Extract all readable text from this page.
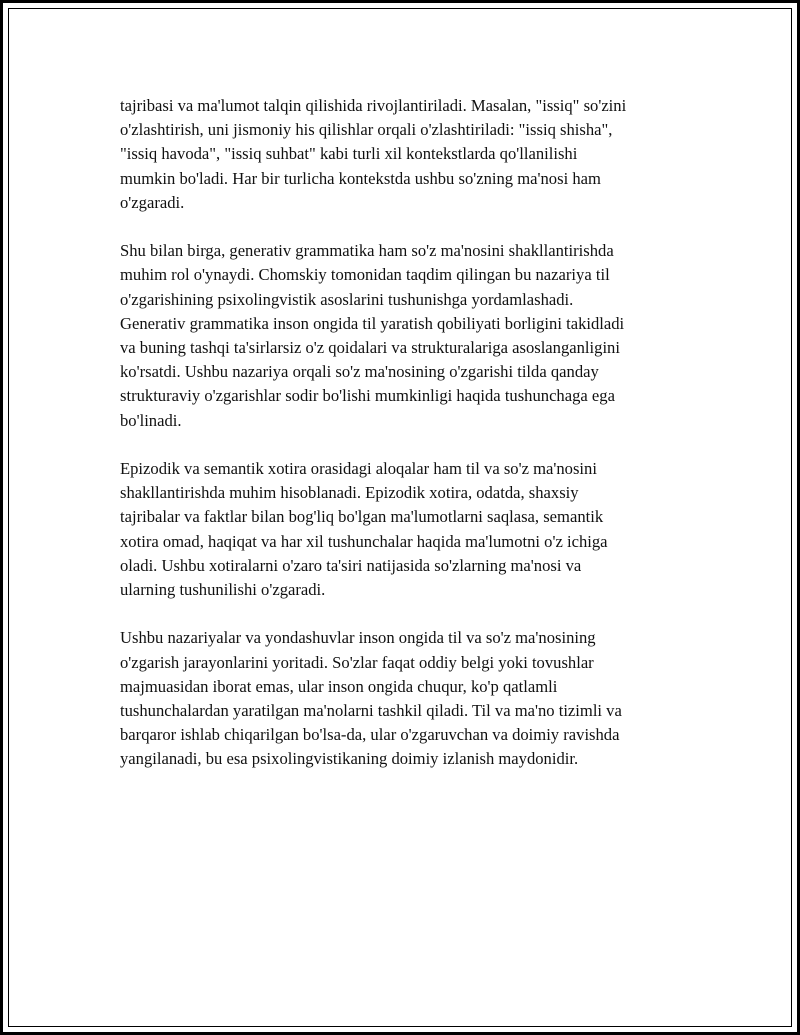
tajribasi va ma'lumot talqin qilishida rivojlantiriladi. Masalan, "issiq" so'zini
o'zlashtirish, uni jismoniy his qilishlar orqali o'zlashtiriladi: "issiq shisha",
"issiq havoda", "issiq suhbat" kabi turli xil kontekstlarda qo'llanilishi
mumkin bo'ladi. Har bir turlicha kontekstda ushbu so'zning ma'nosi ham
o'zgaradi.

Shu bilan birga, generativ grammatika ham so'z ma'nosini shakllantirishda
muhim rol o'ynaydi. Chomskiy tomonidan taqdim qilingan bu nazariya til
o'zgarishining psixolingvistik asoslarini tushunishga yordamlashadi.
Generativ grammatika inson ongida til yaratish qobiliyati borligini takidladi
va buning tashqi ta'sirlarsiz o'z qoidalari va strukturalariga asoslanganligini
ko'rsatdi. Ushbu nazariya orqali so'z ma'nosining o'zgarishi tilda qanday
strukturaviy o'zgarishlar sodir bo'lishi mumkinligi haqida tushunchaga ega
bo'linadi.

Epizodik va semantik xotira orasidagi aloqalar ham til va so'z ma'nosini
shakllantirishda muhim hisoblanadi. Epizodik xotira, odatda, shaxsiy
tajribalar va faktlar bilan bog'liq bo'lgan ma'lumotlarni saqlasa, semantik
xotira omad, haqiqat va har xil tushunchalar haqida ma'lumotni o'z ichiga
oladi. Ushbu xotiralarni o'zaro ta'siri natijasida so'zlarning ma'nosi va
ularning tushunilishi o'zgaradi.

Ushbu nazariyalar va yondashuvlar inson ongida til va so'z ma'nosining
o'zgarish jarayonlarini yoritadi. So'zlar faqat oddiy belgi yoki tovushlar
majmuasidan iborat emas, ular inson ongida chuqur, ko'p qatlamli
tushunchalardan yaratilgan ma'nolarni tashkil qiladi. Til va ma'no tizimli va
barqaror ishlab chiqarilgan bo'lsa-da, ular o'zgaruvchan va doimiy ravishda
yangilanadi, bu esa psixolingvistikaning doimiy izlanish maydonidir.
